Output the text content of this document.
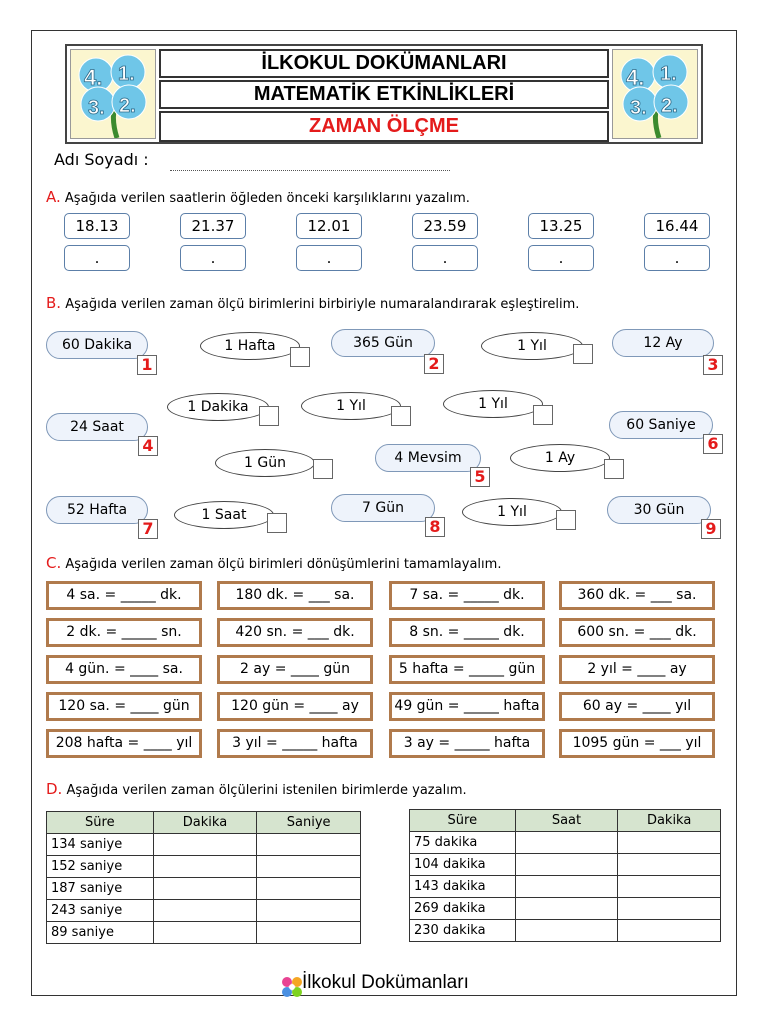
4. 1.
3. 2.
İLKOKUL DOKÜMANLARI
MATEMATİK ETKİNLİKLERİ
ZAMAN ÖLÇME
4. 1.
3. 2.
Adı Soyadı :
A. Aşağıda verilen saatlerin öğleden önceki karşılıklarını yazalım.
18.13
.
21.37
.
12.01
.
23.59
.
13.25
.
16.44
.
B. Aşağıda verilen zaman ölçü birimlerini birbiriyle numaralandırarak eşleştirelim.
60 Dakika
1
365 Gün
2
12 Ay
3
24 Saat
4
60 Saniye
6
4 Mevsim
5
52 Hafta
7
7 Gün
8
30 Gün
9
1 Hafta	1 Yıl
1 Dakika	1 Yıl	1 Yıl
1 Gün	1 Ay
1 Saat	1 Yıl
C. Aşağıda verilen zaman ölçü birimleri dönüşümlerini tamamlayalım.
4 sa. = _____ dk.	180 dk. = ___ sa.	7 sa. = _____ dk.	360 dk. = ___ sa.
2 dk. = _____ sn.	420 sn. = ___ dk.	8 sn. = _____ dk.	600 sn. = ___ dk.
4 gün. = ____ sa.	2 ay = ____ gün	5 hafta = _____ gün	2 yıl = ____ ay
120 sa. = ____ gün	120 gün = ____ ay	49 gün = _____ hafta	60 ay = ____ yıl
208 hafta = ____ yıl	3 yıl = _____ hafta	3 ay = _____ hafta	1095 gün = ___ yıl
D. Aşağıda verilen zaman ölçülerini istenilen birimlerde yazalım.
Süre	Dakika	Saniye
134 saniye		
152 saniye		
187 saniye		
243 saniye		
89 saniye		
Süre	Saat	Dakika
75 dakika		
104 dakika		
143 dakika		
269 dakika		
230 dakika		
İlkokul Dokümanları
